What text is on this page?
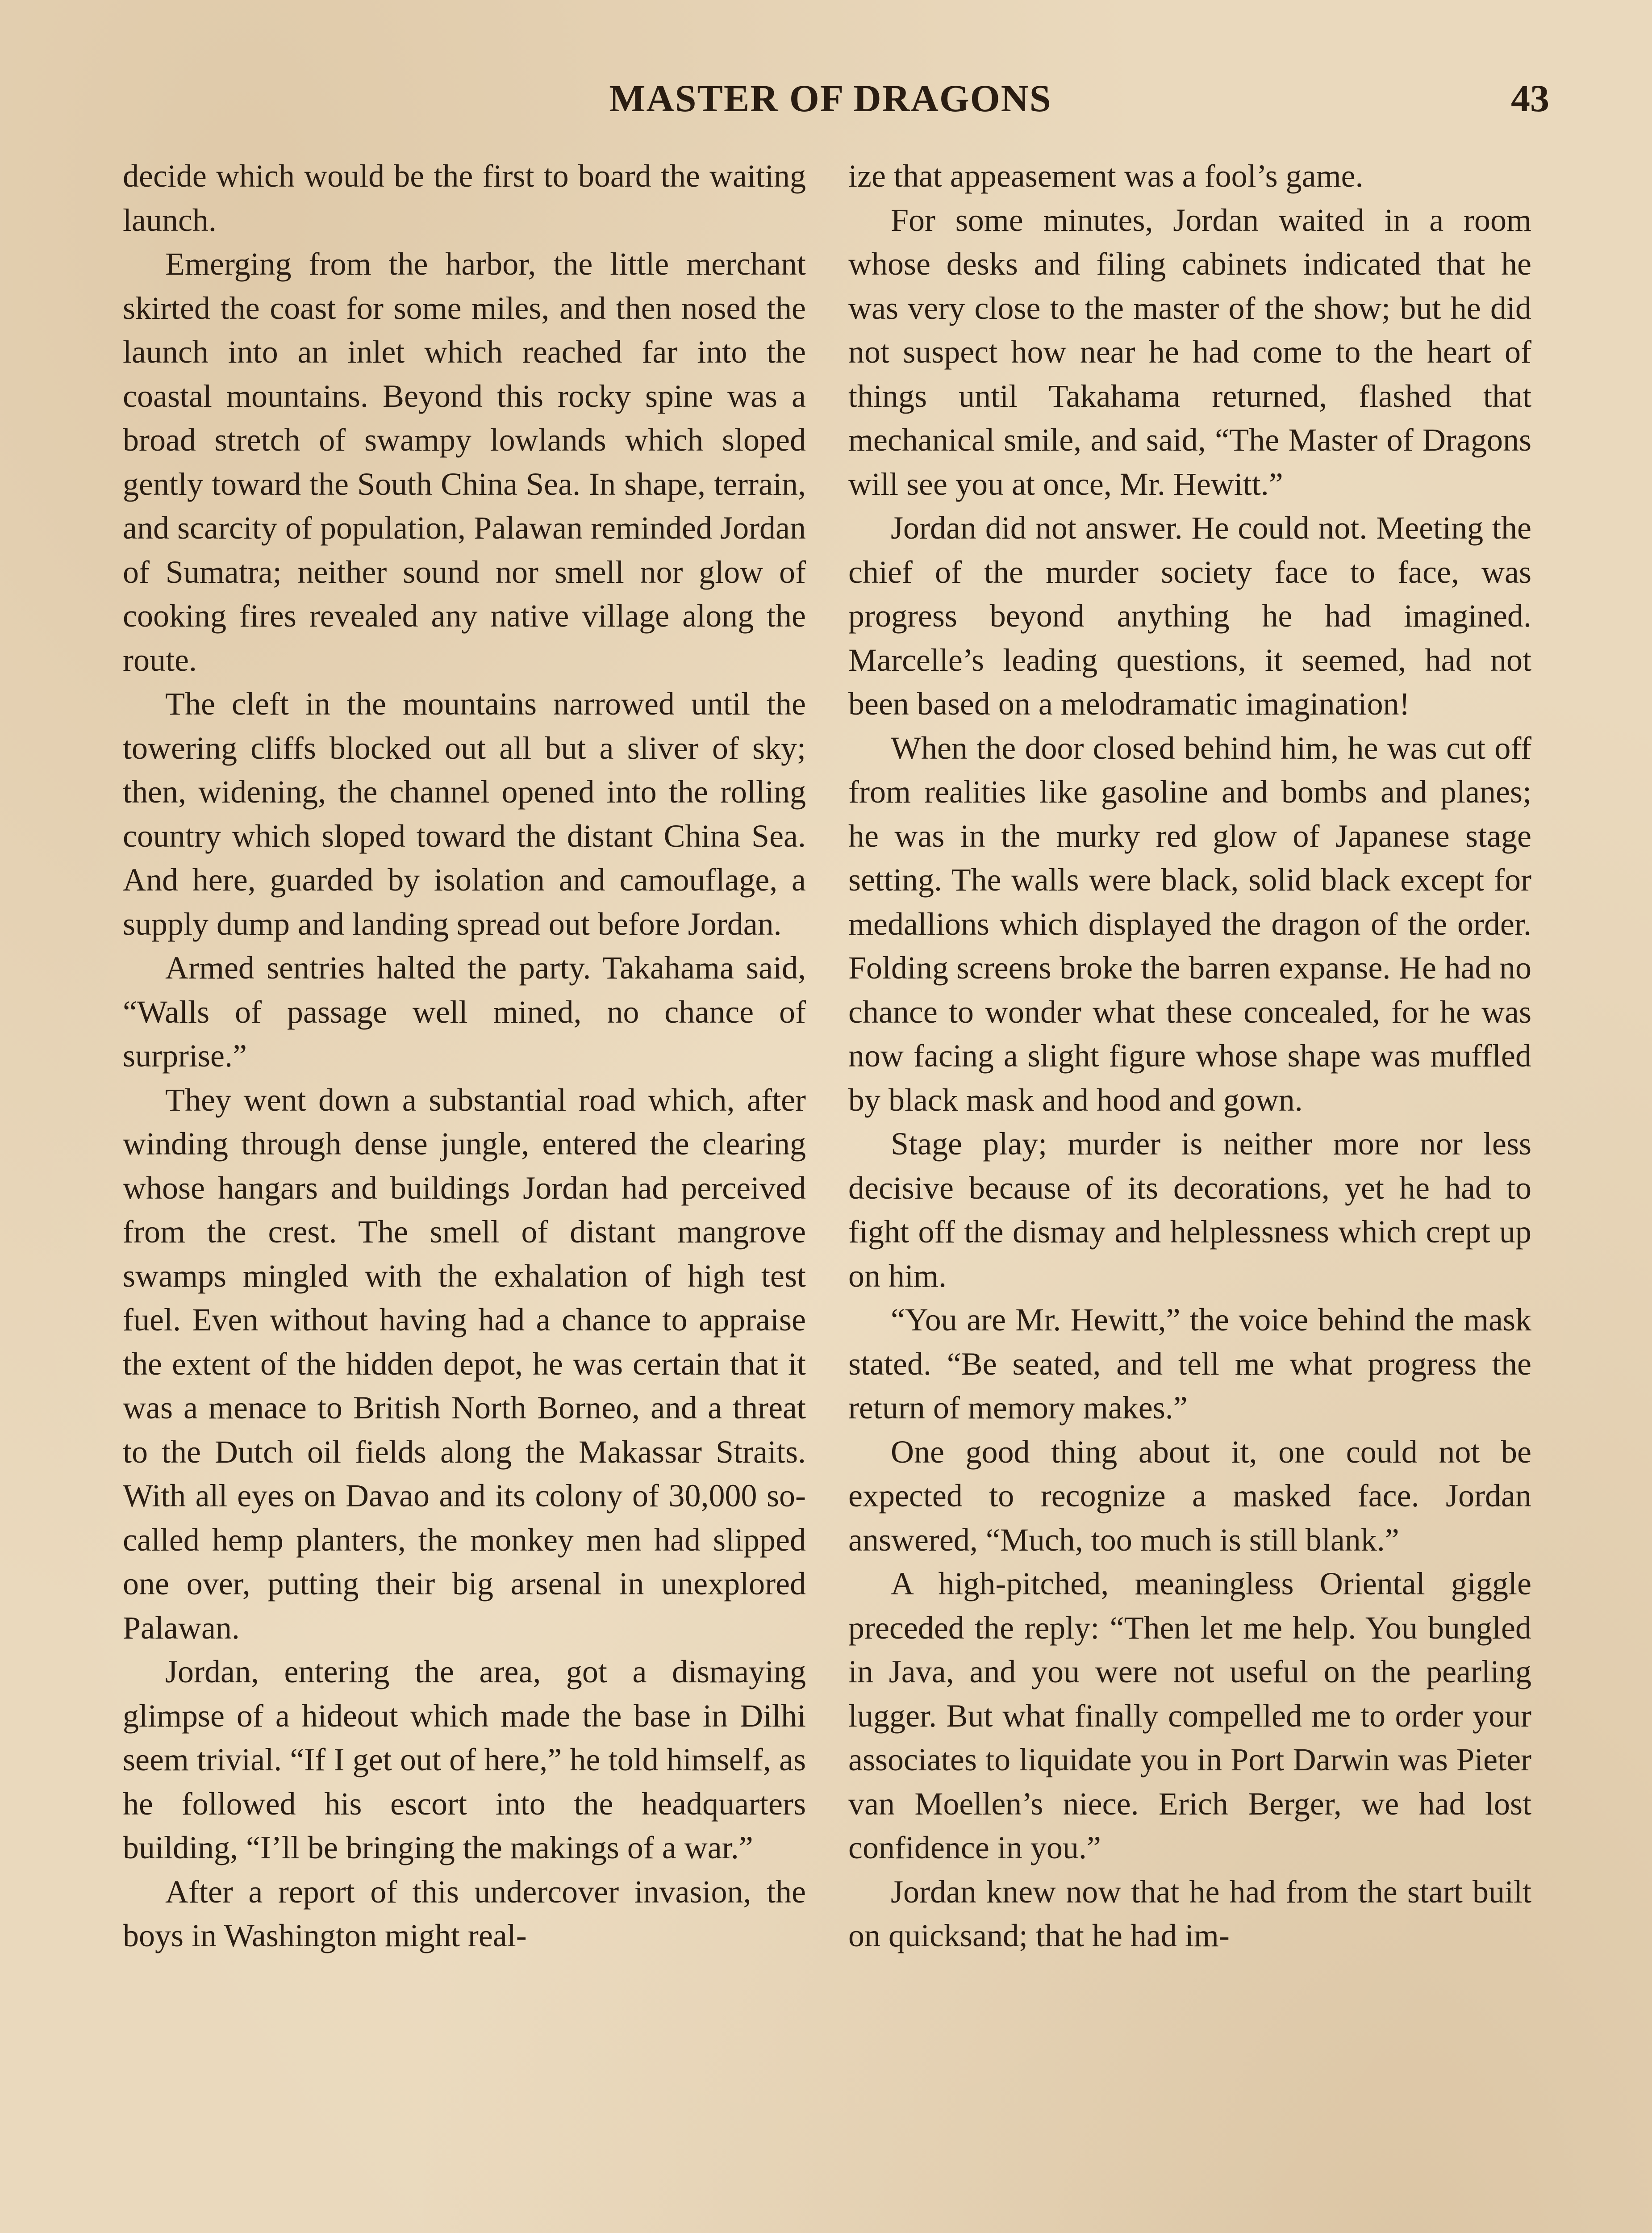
MASTER OF DRAGONS	43

decide which would be the first to board the waiting launch.

Emerging from the harbor, the little merchant skirted the coast for some miles, and then nosed the launch into an inlet which reached far into the coastal mountains. Beyond this rocky spine was a broad stretch of swampy lowlands which sloped gently toward the South China Sea. In shape, terrain, and scarcity of population, Palawan reminded Jordan of Sumatra; neither sound nor smell nor glow of cooking fires revealed any native village along the route.

The cleft in the mountains narrowed until the towering cliffs blocked out all but a sliver of sky; then, widening, the channel opened into the rolling country which sloped toward the distant China Sea. And here, guarded by isolation and camouflage, a supply dump and landing spread out before Jordan.

Armed sentries halted the party. Takahama said, “Walls of passage well mined, no chance of surprise.”

They went down a substantial road which, after winding through dense jungle, entered the clearing whose hangars and buildings Jordan had perceived from the crest. The smell of distant mangrove swamps mingled with the exhalation of high test fuel. Even without having had a chance to appraise the extent of the hidden depot, he was certain that it was a menace to British North Borneo, and a threat to the Dutch oil fields along the Makassar Straits. With all eyes on Davao and its colony of 30,000 so-called hemp planters, the monkey men had slipped one over, putting their big arsenal in unexplored Palawan.

Jordan, entering the area, got a dismaying glimpse of a hideout which made the base in Dilhi seem trivial. “If I get out of here,” he told himself, as he followed his escort into the headquarters building, “I’ll be bringing the makings of a war.”

After a report of this undercover invasion, the boys in Washington might real-

ize that appeasement was a fool’s game.

For some minutes, Jordan waited in a room whose desks and filing cabinets indicated that he was very close to the master of the show; but he did not suspect how near he had come to the heart of things until Takahama returned, flashed that mechanical smile, and said, “The Master of Dragons will see you at once, Mr. Hewitt.”

Jordan did not answer. He could not. Meeting the chief of the murder society face to face, was progress beyond anything he had imagined. Marcelle’s leading questions, it seemed, had not been based on a melodramatic imagination!

When the door closed behind him, he was cut off from realities like gasoline and bombs and planes; he was in the murky red glow of Japanese stage setting. The walls were black, solid black except for medallions which displayed the dragon of the order. Folding screens broke the barren expanse. He had no chance to wonder what these concealed, for he was now facing a slight figure whose shape was muffled by black mask and hood and gown.

Stage play; murder is neither more nor less decisive because of its decorations, yet he had to fight off the dismay and helplessness which crept up on him.

“You are Mr. Hewitt,” the voice behind the mask stated. “Be seated, and tell me what progress the return of memory makes.”

One good thing about it, one could not be expected to recognize a masked face. Jordan answered, “Much, too much is still blank.”

A high-pitched, meaningless Oriental giggle preceded the reply: “Then let me help. You bungled in Java, and you were not useful on the pearling lugger. But what finally compelled me to order your associates to liquidate you in Port Darwin was Pieter van Moellen’s niece. Erich Berger, we had lost confidence in you.”

Jordan knew now that he had from the start built on quicksand; that he had im-
